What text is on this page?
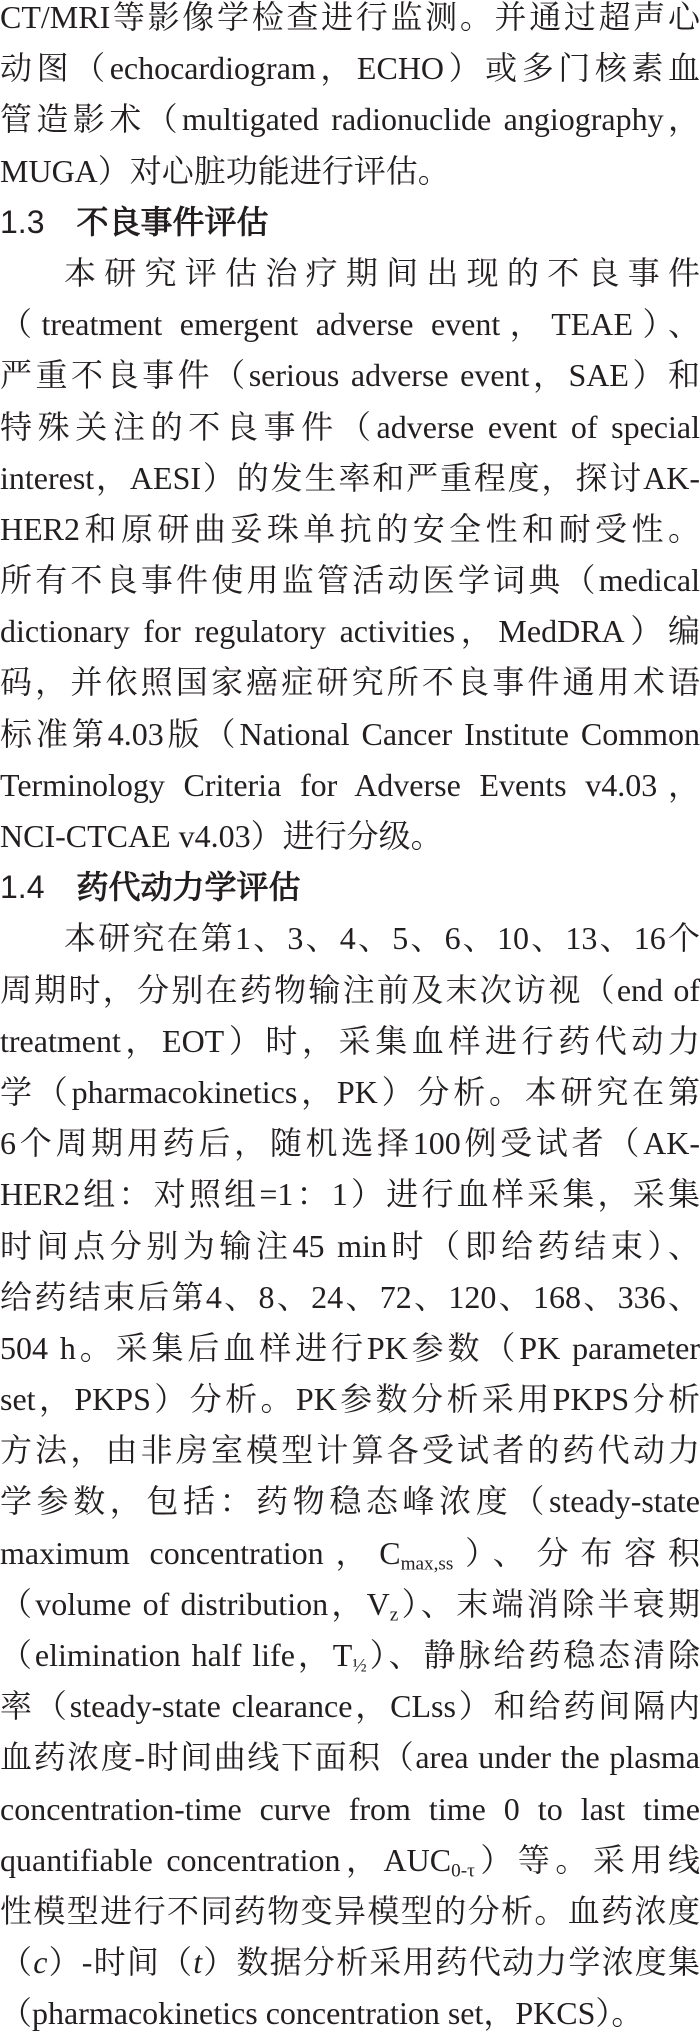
CT/MRI等影像学检查进行监测。并通过超声心
动图（echocardiogram，ECHO）或多门核素血
管造影术（multigated radionuclide angiography，
MUGA）对心脏功能进行评估。
1.3 不良事件评估
本研究评估治疗期间出现的不良事件
（treatment emergent adverse event，TEAE）、
严重不良事件（serious adverse event，SAE）和
特殊关注的不良事件（adverse event of special
interest，AESI）的发生率和严重程度，探讨AK-
HER2和原研曲妥珠单抗的安全性和耐受性。
所有不良事件使用监管活动医学词典（medical
dictionary for regulatory activities，MedDRA）编
码，并依照国家癌症研究所不良事件通用术语
标准第4.03版（National Cancer Institute Common
Terminology Criteria for Adverse Events v4.03，
NCI-CTCAE v4.03）进行分级。
1.4 药代动力学评估
本研究在第1、3、4、5、6、10、13、16个
周期时，分别在药物输注前及末次访视（end of
treatment，EOT）时，采集血样进行药代动力
学（pharmacokinetics，PK）分析。本研究在第
6个周期用药后，随机选择100例受试者（AK-
HER2组：对照组=1：1）进行血样采集，采集
时间点分别为输注45 min时（即给药结束）、
给药结束后第4、8、24、72、120、168、336、
504 h。采集后血样进行PK参数（PK parameter
set，PKPS）分析。PK参数分析采用PKPS分析
方法，由非房室模型计算各受试者的药代动力
学参数，包括：药物稳态峰浓度（steady-state
maximum concentration，$C_{max,ss}$）、分布容积
（volume of distribution，$V_z$）、末端消除半衰期
（elimination half life，$T_{\frac{1}{2}}$）、静脉给药稳态清除
率（steady-state clearance，CLss）和给药间隔内
血药浓度-时间曲线下面积（area under the plasma
concentration-time curve from time 0 to last time
quantifiable concentration，$AUC_{0-\tau}$）等。采用线
性模型进行不同药物变异模型的分析。血药浓度
（c）-时间（t）数据分析采用药代动力学浓度集
（pharmacokinetics concentration set，PKCS）。
